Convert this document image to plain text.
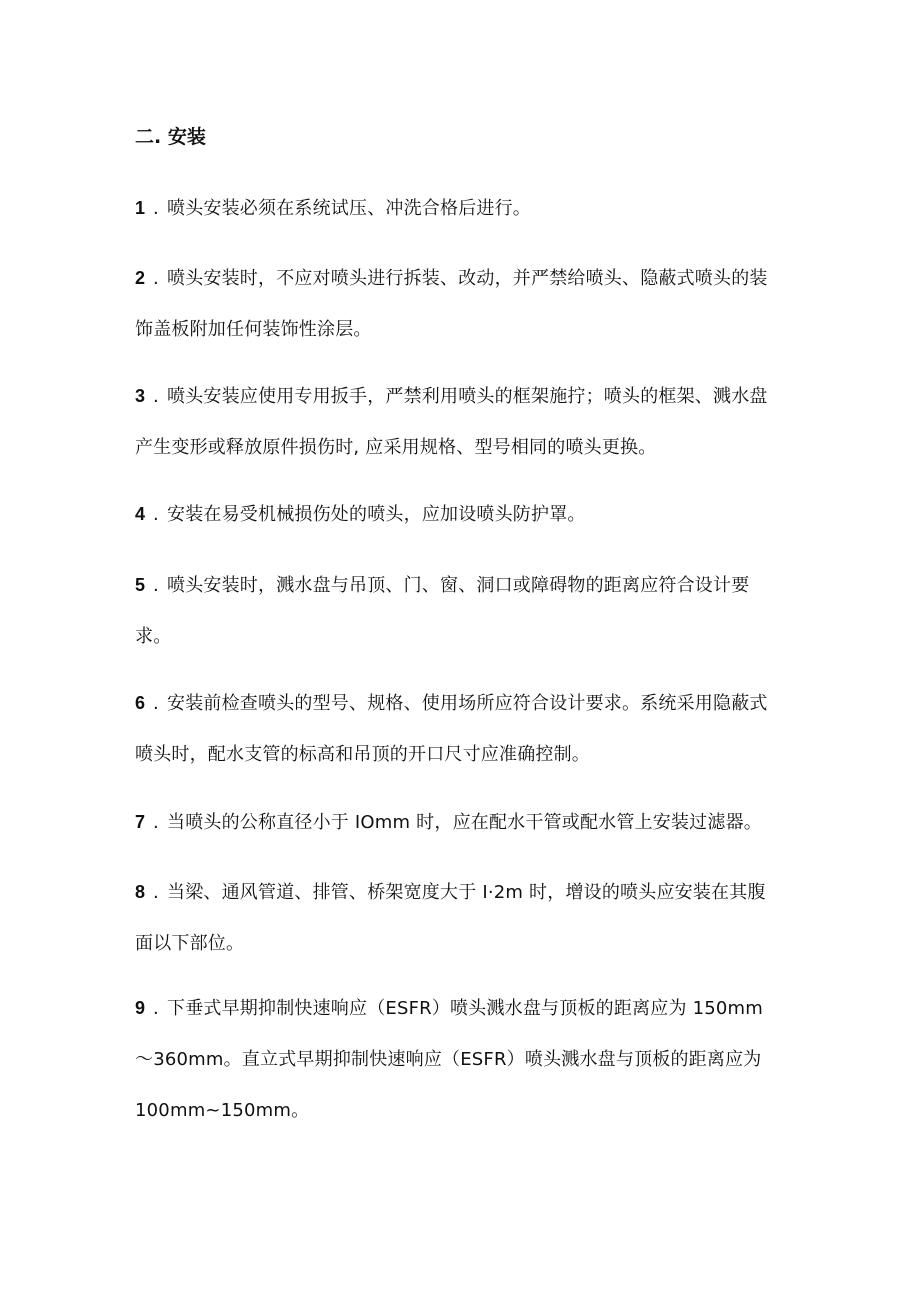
二. 安装
1 . 喷头安装必须在系统试压、冲洗合格后进行。
2 . 喷头安装时，不应对喷头进行拆装、改动，并严禁给喷头、隐蔽式喷头的装
饰盖板附加任何装饰性涂层。
3 . 喷头安装应使用专用扳手，严禁利用喷头的框架施拧；喷头的框架、溅水盘
产生变形或释放原件损伤时, 应采用规格、型号相同的喷头更换。
4 . 安装在易受机械损伤处的喷头，应加设喷头防护罩。
5 . 喷头安装时，溅水盘与吊顶、门、窗、洞口或障碍物的距离应符合设计要
求。
6 . 安装前检查喷头的型号、规格、使用场所应符合设计要求。系统采用隐蔽式
喷头时，配水支管的标高和吊顶的开口尺寸应准确控制。
7 . 当喷头的公称直径小于 IOmm 时，应在配水干管或配水管上安装过滤器。
8 . 当梁、通风管道、排管、桥架宽度大于 I·2m 时，增设的喷头应安装在其腹
面以下部位。
9 . 下垂式早期抑制快速响应（ESFR）喷头溅水盘与顶板的距离应为 150mm
～360mm。直立式早期抑制快速响应（ESFR）喷头溅水盘与顶板的距离应为
100mm~150mm。
